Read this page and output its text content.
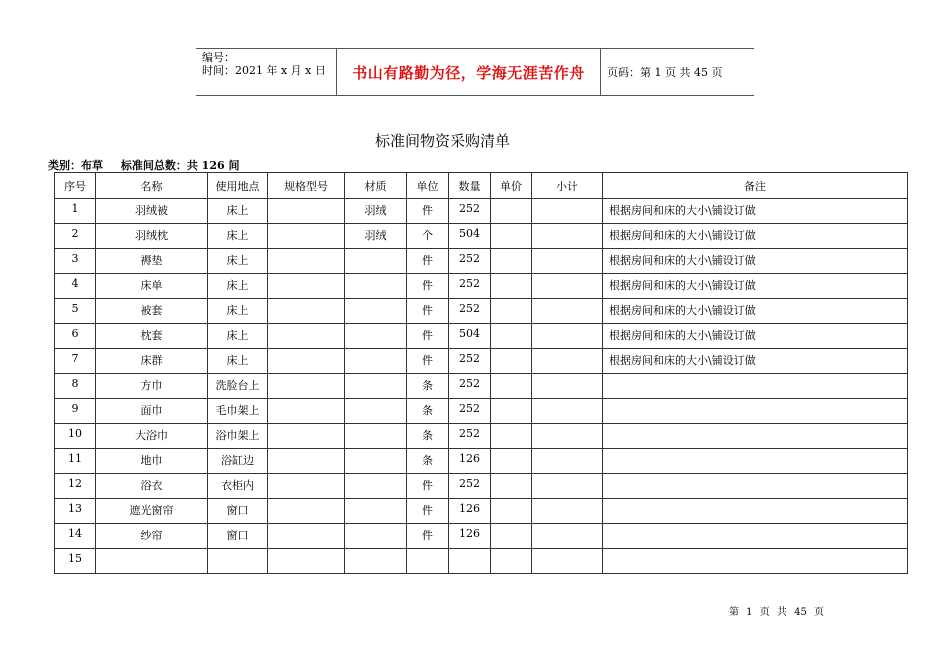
编号：
时间：2021 年 x 月 x 日	书山有路勤为径，学海无涯苦作舟	页码：第 1 页 共 45 页
标准间物资采购清单
类别：布草 标准间总数：共 126 间
序号	名称	使用地点	规格型号	材质	单位	数量	单价	小计	备注
1	羽绒被	床上		羽绒	件	252			根据房间和床的大小\铺设订做
2	羽绒枕	床上		羽绒	个	504			根据房间和床的大小\铺设订做
3	褥垫	床上			件	252			根据房间和床的大小\铺设订做
4	床单	床上			件	252			根据房间和床的大小\铺设订做
5	被套	床上			件	252			根据房间和床的大小\铺设订做
6	枕套	床上			件	504			根据房间和床的大小\铺设订做
7	床群	床上			件	252			根据房间和床的大小\铺设订做
8	方巾	洗脸台上			条	252			
9	面巾	毛巾架上			条	252			
10	大浴巾	浴巾架上			条	252			
11	地巾	浴缸边			条	126			
12	浴衣	衣柜内			件	252			
13	遮光窗帘	窗口			件	126			
14	纱帘	窗口			件	126			
15									
第 1 页 共 45 页
